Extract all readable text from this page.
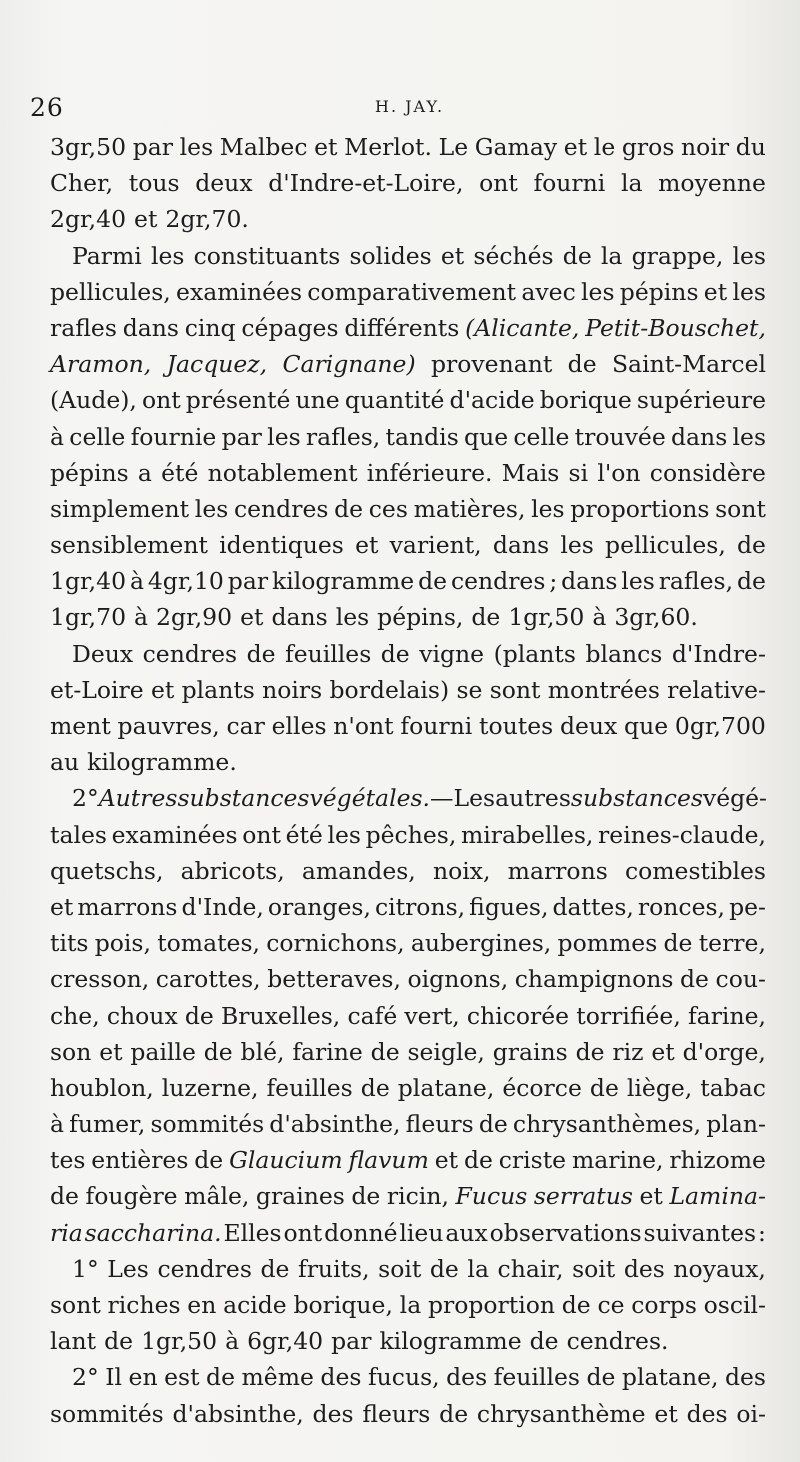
26	H. JAY.
3gr,50 par les Malbec et Merlot. Le Gamay et le gros noir du
Cher, tous deux d'Indre-et-Loire, ont fourni la moyenne
2gr,40 et 2gr,70.
Parmi les constituants solides et séchés de la grappe, les
pellicules, examinées comparativement avec les pépins et les
rafles dans cinq cépages différents (Alicante, Petit-Bouschet,
Aramon, Jacquez, Carignane) provenant de Saint-Marcel
(Aude), ont présenté une quantité d'acide borique supérieure
à celle fournie par les rafles, tandis que celle trouvée dans les
pépins a été notablement inférieure. Mais si l'on considère
simplement les cendres de ces matières, les proportions sont
sensiblement identiques et varient, dans les pellicules, de
1gr,40 à 4gr,10 par kilogramme de cendres ; dans les rafles, de
1gr,70 à 2gr,90 et dans les pépins, de 1gr,50 à 3gr,60.
Deux cendres de feuilles de vigne (plants blancs d'Indre-
et-Loire et plants noirs bordelais) se sont montrées relative-
ment pauvres, car elles n'ont fourni toutes deux que 0gr,700
au kilogramme.
2° Autres substances végétales. — Les autres substances végé-
tales examinées ont été les pêches, mirabelles, reines-claude,
quetschs, abricots, amandes, noix, marrons comestibles
et marrons d'Inde, oranges, citrons, figues, dattes, ronces, pe-
tits pois, tomates, cornichons, aubergines, pommes de terre,
cresson, carottes, betteraves, oignons, champignons de cou-
che, choux de Bruxelles, café vert, chicorée torrifiée, farine,
son et paille de blé, farine de seigle, grains de riz et d'orge,
houblon, luzerne, feuilles de platane, écorce de liège, tabac
à fumer, sommités d'absinthe, fleurs de chrysanthèmes, plan-
tes entières de Glaucium flavum et de criste marine, rhizome
de fougère mâle, graines de ricin, Fucus serratus et Lamina-
ria saccharina. Elles ont donné lieu aux observations suivantes :
1° Les cendres de fruits, soit de la chair, soit des noyaux,
sont riches en acide borique, la proportion de ce corps oscil-
lant de 1gr,50 à 6gr,40 par kilogramme de cendres.
2° Il en est de même des fucus, des feuilles de platane, des
sommités d'absinthe, des fleurs de chrysanthème et des oi-
